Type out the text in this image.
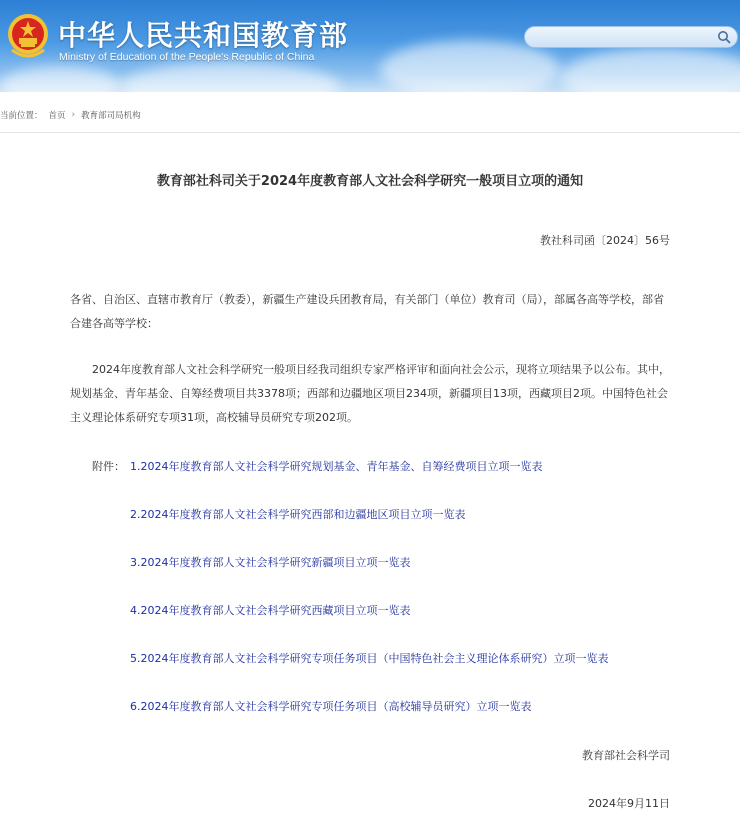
中华人民共和国教育部
Ministry of Education of the People's Republic of China
当前位置： 首页 › 教育部司局机构
教育部社科司关于2024年度教育部人文社会科学研究一般项目立项的通知
教社科司函〔2024〕56号
各省、自治区、直辖市教育厅（教委），新疆生产建设兵团教育局，有关部门（单位）教育司（局），部属各高等学校，部省合建各高等学校：
2024年度教育部人文社会科学研究一般项目经我司组织专家严格评审和面向社会公示，现将立项结果予以公布。其中，规划基金、青年基金、自筹经费项目共3378项；西部和边疆地区项目234项，新疆项目13项，西藏项目2项。中国特色社会主义理论体系研究专项31项，高校辅导员研究专项202项。
附件： 1.2024年度教育部人文社会科学研究规划基金、青年基金、自筹经费项目立项一览表
2.2024年度教育部人文社会科学研究西部和边疆地区项目立项一览表
3.2024年度教育部人文社会科学研究新疆项目立项一览表
4.2024年度教育部人文社会科学研究西藏项目立项一览表
5.2024年度教育部人文社会科学研究专项任务项目（中国特色社会主义理论体系研究）立项一览表
6.2024年度教育部人文社会科学研究专项任务项目（高校辅导员研究）立项一览表
教育部社会科学司
2024年9月11日
